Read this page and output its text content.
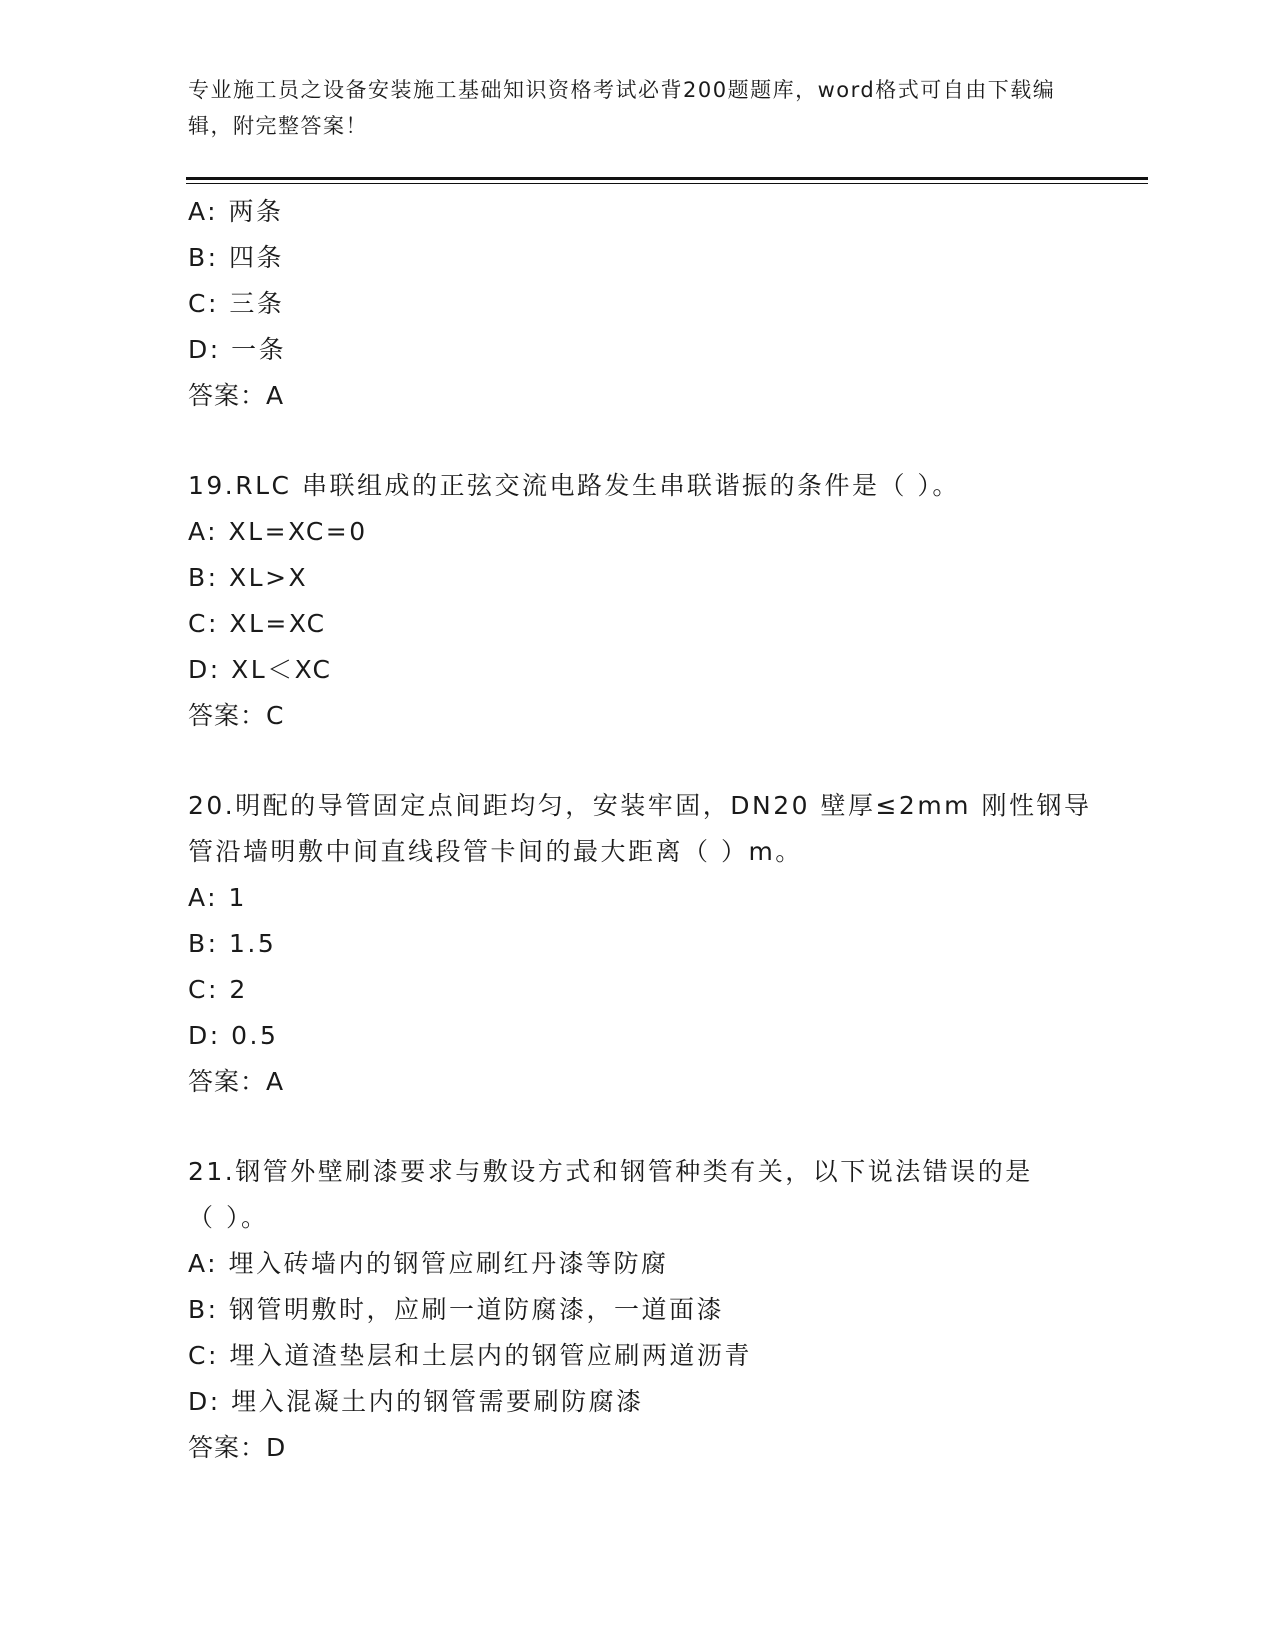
专业施工员之设备安装施工基础知识资格考试必背200题题库，word格式可自由下载编辑，附完整答案！
A: 两条
B: 四条
C: 三条
D: 一条
答案：A
19.RLC 串联组成的正弦交流电路发生串联谐振的条件是（ ）。
A: XL=XC=0
B: XL>X
C: XL=XC
D: XL＜XC
答案：C
20.明配的导管固定点间距均匀，安装牢固，DN20 壁厚≤2mm 刚性钢导
管沿墙明敷中间直线段管卡间的最大距离（ ）m。
A: 1
B: 1.5
C: 2
D: 0.5
答案：A
21.钢管外壁刷漆要求与敷设方式和钢管种类有关，以下说法错误的是
（ ）。
A: 埋入砖墙内的钢管应刷红丹漆等防腐
B: 钢管明敷时，应刷一道防腐漆，一道面漆
C: 埋入道渣垫层和土层内的钢管应刷两道沥青
D: 埋入混凝土内的钢管需要刷防腐漆
答案：D
